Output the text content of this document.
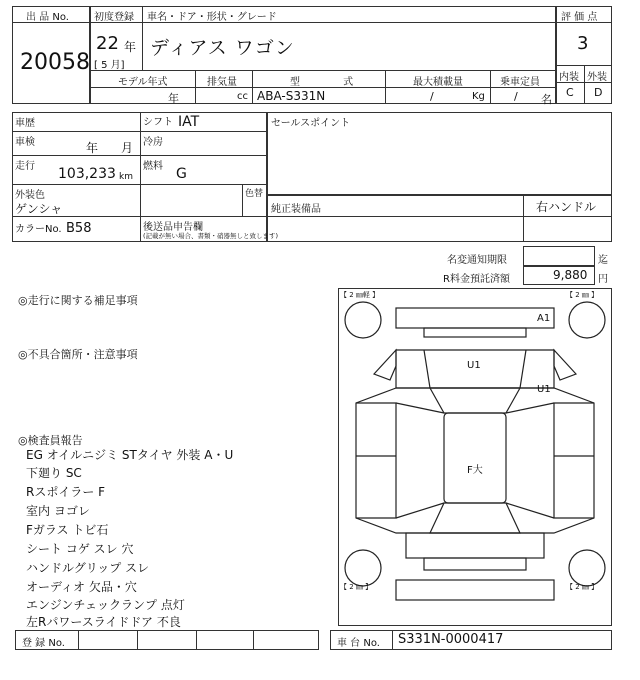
出 品 No.
20058
初度登録 車名・ドア・形状・グレード
22 年
[ 5 月]
ディアス ワゴン
モデル年式	排気量	型 式	最大積載量	乗車定員
年	cc ABA-S331N	/	Kg	/ 名
評 価 点
3
内装 外装
C D
車歴	シフト IAT
車検	年 月 冷房
走行 103,233 km
燃料 G
外装色
ゲンシャ
色替
カラーNo. B58	後送品申告欄
(記載が無い場合、書類・硝器無しと致します)
セールスポイント
純正装備品	右ハンドル
名変通知期限	迄
R料金預託済額	9,880 円
◎走行に関する補足事項
◎不具合箇所・注意事項
◎検査員報告
EG オイルニジミ STタイヤ 外装 A・U
下廻り SC
Rスポイラー F
室内 ヨゴレ
Fガラス トビ石
シート コゲ スレ 穴
ハンドルグリップ スレ
オーディオ 欠品・穴
エンジンチェックランプ 点灯
左Rパワースライドドア 不良
【 2 ㎜軽 】	【 2 ㎜ 】
【 2 ㎜ 】	【 2 ㎜ 】
A1
U1
U1
F大
登 録 No.	車 台 No. S331N-0000417
